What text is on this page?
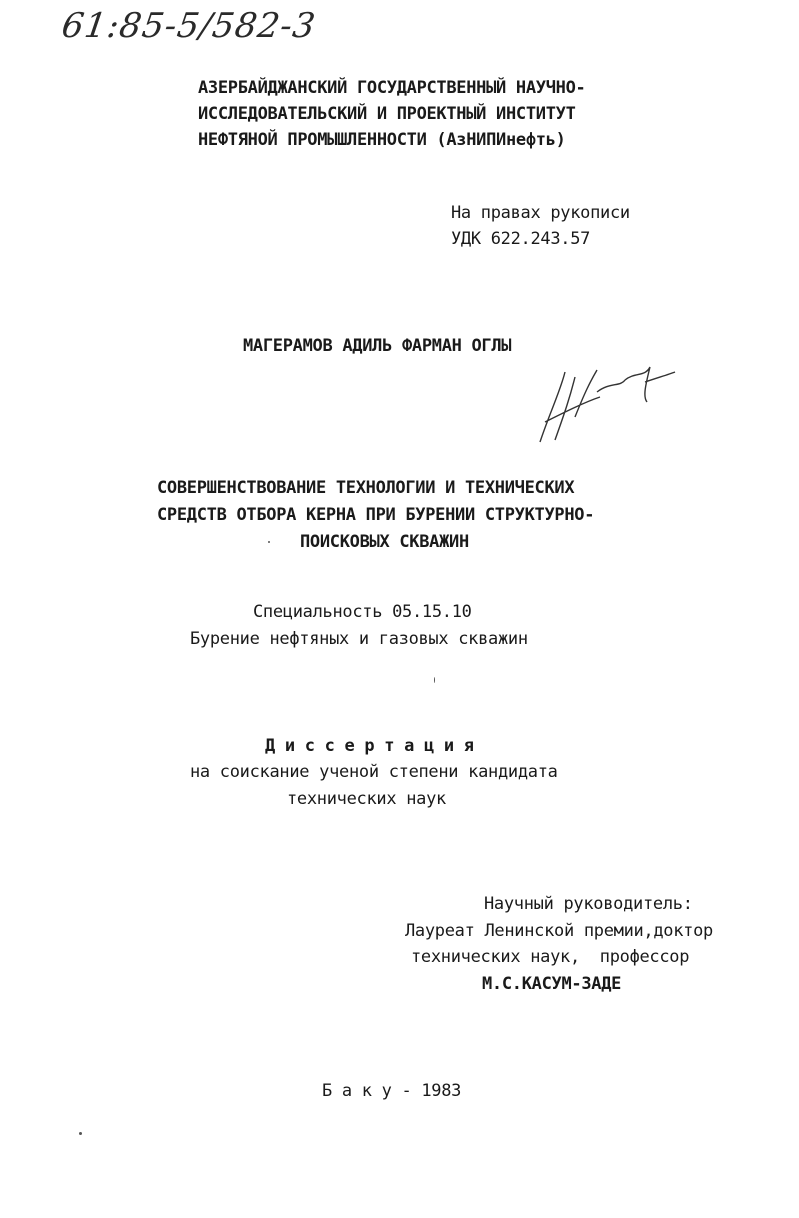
61:85-5/582-3
АЗЕРБАЙДЖАНСКИЙ ГОСУДАРСТВЕННЫЙ НАУЧНО-
ИССЛЕДОВАТЕЛЬСКИЙ И ПРОЕКТНЫЙ ИНСТИТУТ
НЕФТЯНОЙ ПРОМЫШЛЕННОСТИ (АзНИПИнефть)
На правах рукописи
УДК 622.243.57
МАГЕРАМОВ АДИЛЬ ФАРМАН ОГЛЫ
СОВЕРШЕНСТВОВАНИЕ ТЕХНОЛОГИИ И ТЕХНИЧЕСКИХ
СРЕДСТВ ОТБОРА КЕРНА ПРИ БУРЕНИИ СТРУКТУРНО-
ПОИСКОВЫХ СКВАЖИН
Специальность 05.15.10
Бурение нефтяных и газовых скважин
Д и с с е р т а ц и я
на соискание ученой степени кандидата
технических наук
Научный руководитель:
Лауреат Ленинской премии,доктор
технических наук,  профессор
М.С.КАСУМ-ЗАДЕ
Б а к у - 1983
